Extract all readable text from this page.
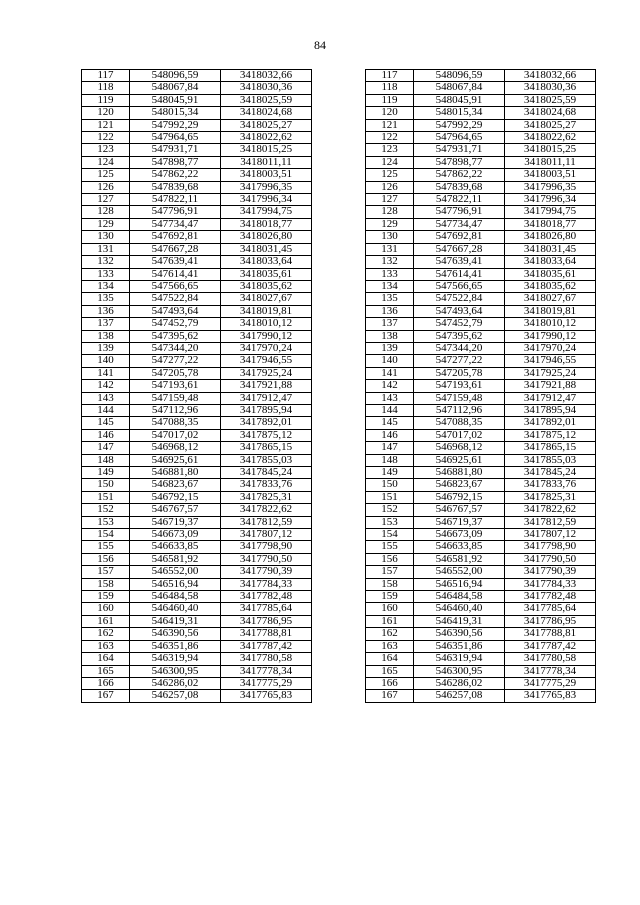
84
117	548096,59	3418032,66		117	548096,59	3418032,66
118	548067,84	3418030,36		118	548067,84	3418030,36
119	548045,91	3418025,59		119	548045,91	3418025,59
120	548015,34	3418024,68		120	548015,34	3418024,68
121	547992,29	3418025,27		121	547992,29	3418025,27
122	547964,65	3418022,62		122	547964,65	3418022,62
123	547931,71	3418015,25		123	547931,71	3418015,25
124	547898,77	3418011,11		124	547898,77	3418011,11
125	547862,22	3418003,51		125	547862,22	3418003,51
126	547839,68	3417996,35		126	547839,68	3417996,35
127	547822,11	3417996,34		127	547822,11	3417996,34
128	547796,91	3417994,75		128	547796,91	3417994,75
129	547734,47	3418018,77		129	547734,47	3418018,77
130	547692,81	3418026,80		130	547692,81	3418026,80
131	547667,28	3418031,45		131	547667,28	3418031,45
132	547639,41	3418033,64		132	547639,41	3418033,64
133	547614,41	3418035,61		133	547614,41	3418035,61
134	547566,65	3418035,62		134	547566,65	3418035,62
135	547522,84	3418027,67		135	547522,84	3418027,67
136	547493,64	3418019,81		136	547493,64	3418019,81
137	547452,79	3418010,12		137	547452,79	3418010,12
138	547395,62	3417990,12		138	547395,62	3417990,12
139	547344,20	3417970,24		139	547344,20	3417970,24
140	547277,22	3417946,55		140	547277,22	3417946,55
141	547205,78	3417925,24		141	547205,78	3417925,24
142	547193,61	3417921,88		142	547193,61	3417921,88
143	547159,48	3417912,47		143	547159,48	3417912,47
144	547112,96	3417895,94		144	547112,96	3417895,94
145	547088,35	3417892,01		145	547088,35	3417892,01
146	547017,02	3417875,12		146	547017,02	3417875,12
147	546968,12	3417865,15		147	546968,12	3417865,15
148	546925,61	3417855,03		148	546925,61	3417855,03
149	546881,80	3417845,24		149	546881,80	3417845,24
150	546823,67	3417833,76		150	546823,67	3417833,76
151	546792,15	3417825,31		151	546792,15	3417825,31
152	546767,57	3417822,62		152	546767,57	3417822,62
153	546719,37	3417812,59		153	546719,37	3417812,59
154	546673,09	3417807,12		154	546673,09	3417807,12
155	546633,85	3417798,90		155	546633,85	3417798,90
156	546581,92	3417790,50		156	546581,92	3417790,50
157	546552,00	3417790,39		157	546552,00	3417790,39
158	546516,94	3417784,33		158	546516,94	3417784,33
159	546484,58	3417782,48		159	546484,58	3417782,48
160	546460,40	3417785,64		160	546460,40	3417785,64
161	546419,31	3417786,95		161	546419,31	3417786,95
162	546390,56	3417788,81		162	546390,56	3417788,81
163	546351,86	3417787,42		163	546351,86	3417787,42
164	546319,94	3417780,58		164	546319,94	3417780,58
165	546300,95	3417778,34		165	546300,95	3417778,34
166	546286,02	3417775,29		166	546286,02	3417775,29
167	546257,08	3417765,83		167	546257,08	3417765,83
